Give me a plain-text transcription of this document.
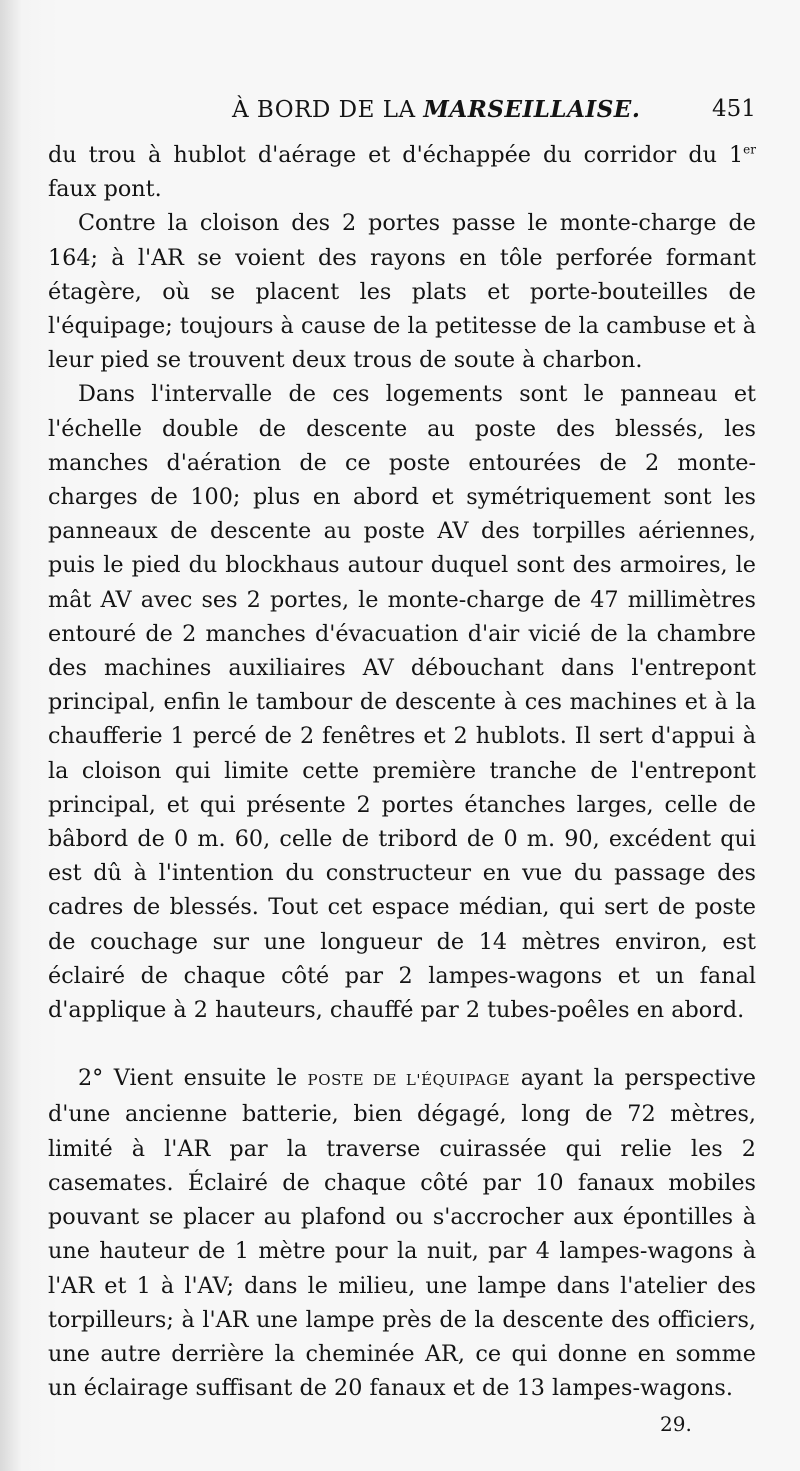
À BORD DE LA MARSEILLAISE.	451

du trou à hublot d'aérage et d'échappée du corridor du 1er faux pont.

Contre la cloison des 2 portes passe le monte-charge de 164; à l'AR se voient des rayons en tôle perforée formant étagère, où se placent les plats et porte-bouteilles de l'équipage; toujours à cause de la petitesse de la cambuse et à leur pied se trouvent deux trous de soute à charbon.

Dans l'intervalle de ces logements sont le panneau et l'échelle double de descente au poste des blessés, les manches d'aération de ce poste entourées de 2 monte-charges de 100; plus en abord et symétriquement sont les panneaux de descente au poste AV des torpilles aériennes, puis le pied du blockhaus autour duquel sont des armoires, le mât AV avec ses 2 portes, le monte-charge de 47 millimètres entouré de 2 manches d'évacuation d'air vicié de la chambre des machines auxiliaires AV débouchant dans l'entrepont principal, enfin le tambour de descente à ces machines et à la chaufferie 1 percé de 2 fenêtres et 2 hublots. Il sert d'appui à la cloison qui limite cette première tranche de l'entrepont principal, et qui présente 2 portes étanches larges, celle de bâbord de 0 m. 60, celle de tribord de 0 m. 90, excédent qui est dû à l'intention du constructeur en vue du passage des cadres de blessés. Tout cet espace médian, qui sert de poste de couchage sur une longueur de 14 mètres environ, est éclairé de chaque côté par 2 lampes-wagons et un fanal d'applique à 2 hauteurs, chauffé par 2 tubes-poêles en abord.

2° Vient ensuite le POSTE DE L'ÉQUIPAGE ayant la perspective d'une ancienne batterie, bien dégagé, long de 72 mètres, limité à l'AR par la traverse cuirassée qui relie les 2 casemates. Éclairé de chaque côté par 10 fanaux mobiles pouvant se placer au plafond ou s'accrocher aux épontilles à une hauteur de 1 mètre pour la nuit, par 4 lampes-wagons à l'AR et 1 à l'AV; dans le milieu, une lampe dans l'atelier des torpilleurs; à l'AR une lampe près de la descente des officiers, une autre derrière la cheminée AR, ce qui donne en somme un éclairage suffisant de 20 fanaux et de 13 lampes-wagons.

29.
